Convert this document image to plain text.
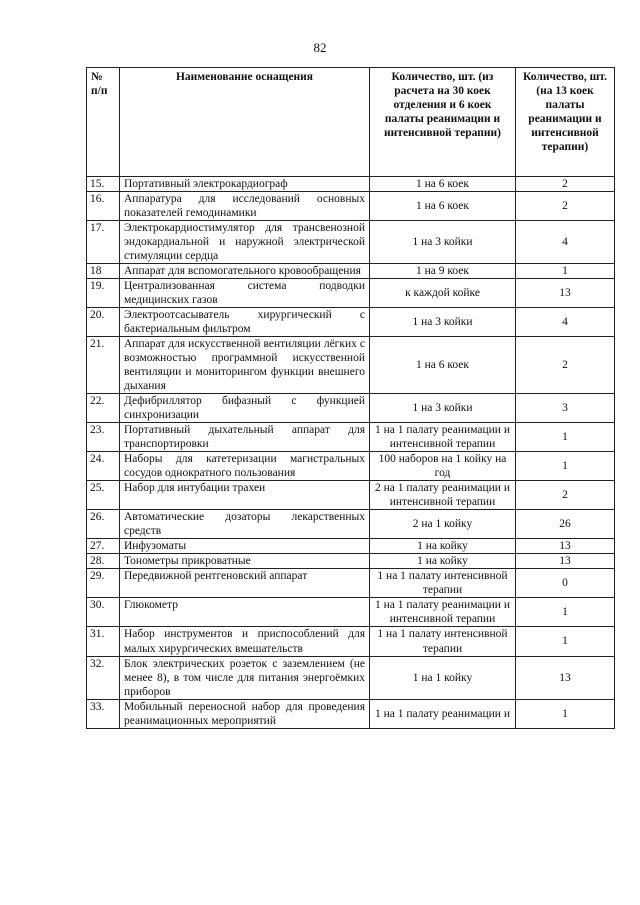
82
№ п/п	Наименование оснащения	Количество, шт. (из расчета на 30 коек отделения и 6 коек палаты реанимации и интенсивной терапии)	Количество, шт. (на 13 коек палаты реанимации и интенсивной терапии)
15.	Портативный электрокардиограф	1 на 6 коек	2
16.	Аппаратура для исследований основных показателей гемодинамики	1 на 6 коек	2
17.	Электрокардиостимулятор для трансвенозной эндокардиальной и наружной электрической стимуляции сердца	1 на 3 койки	4
18	Аппарат для вспомогательного кровообращения	1 на 9 коек	1
19.	Централизованная система подводки медицинских газов	к каждой койке	13
20.	Электроотсасыватель хирургический с бактериальным фильтром	1 на 3 койки	4
21.	Аппарат для искусственной вентиляции лёгких с возможностью программной искусственной вентиляции и мониторингом функции внешнего дыхания	1 на 6 коек	2
22.	Дефибриллятор бифазный с функцией синхронизации	1 на 3 койки	3
23.	Портативный дыхательный аппарат для транспортировки	1 на 1 палату реанимации и интенсивной терапии	1
24.	Наборы для катетеризации магистральных сосудов однократного пользования	100 наборов на 1 койку на год	1
25.	Набор для интубации трахеи	2 на 1 палату реанимации и интенсивной терапии	2
26.	Автоматические дозаторы лекарственных средств	2 на 1 койку	26
27.	Инфузоматы	1 на койку	13
28.	Тонометры прикроватные	1 на койку	13
29.	Передвижной рентгеновский аппарат	1 на 1 палату интенсивной терапии	0
30.	Глюкометр	1 на 1 палату реанимации и интенсивной терапии	1
31.	Набор инструментов и приспособлений для малых хирургических вмешательств	1 на 1 палату интенсивной терапии	1
32.	Блок электрических розеток с заземлением (не менее 8), в том числе для питания энергоёмких приборов	1 на 1 койку	13
33.	Мобильный переносной набор для проведения реанимационных мероприятий	1 на 1 палату реанимации и	1
